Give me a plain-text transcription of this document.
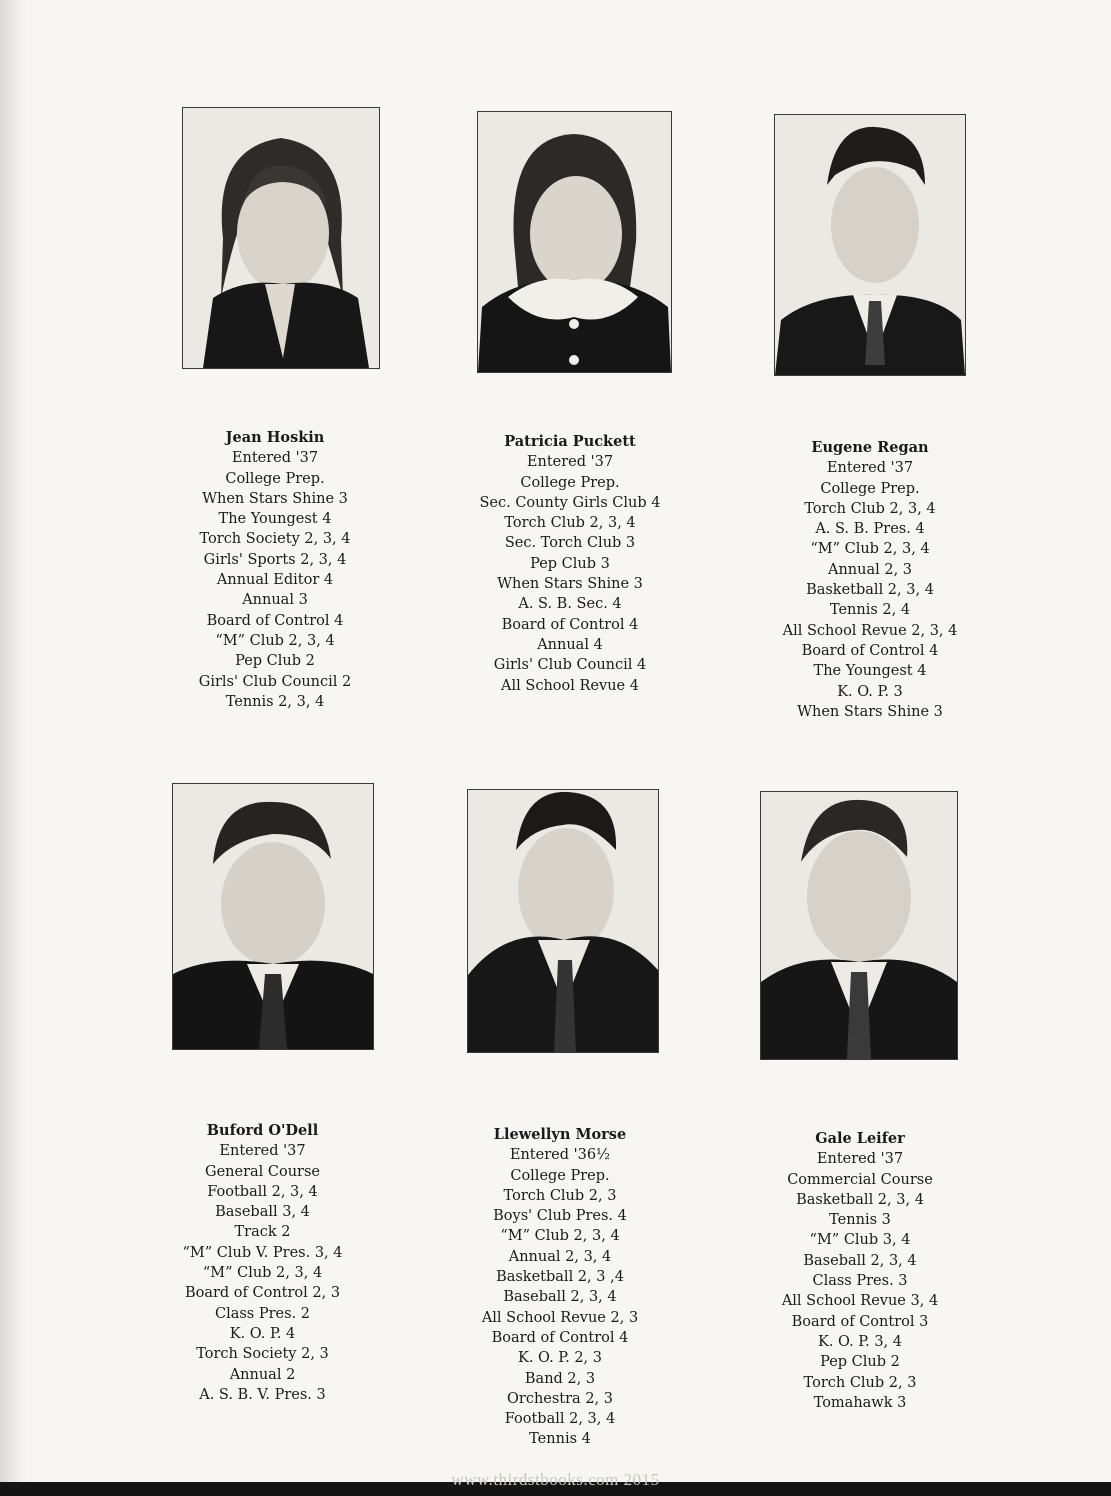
Jean Hoskin
Entered '37
College Prep.
When Stars Shine 3
The Youngest 4
Torch Society 2, 3, 4
Girls' Sports 2, 3, 4
Annual Editor 4
Annual 3
Board of Control 4
“M” Club 2, 3, 4
Pep Club 2
Girls' Club Council 2
Tennis 2, 3, 4
Patricia Puckett
Entered '37
College Prep.
Sec. County Girls Club 4
Torch Club 2, 3, 4
Sec. Torch Club 3
Pep Club 3
When Stars Shine 3
A. S. B. Sec. 4
Board of Control 4
Annual 4
Girls' Club Council 4
All School Revue 4
Eugene Regan
Entered '37
College Prep.
Torch Club 2, 3, 4
A. S. B. Pres. 4
“M” Club 2, 3, 4
Annual 2, 3
Basketball 2, 3, 4
Tennis 2, 4
All School Revue 2, 3, 4
Board of Control 4
The Youngest 4
K. O. P. 3
When Stars Shine 3
Buford O'Dell
Entered '37
General Course
Football 2, 3, 4
Baseball 3, 4
Track 2
“M” Club V. Pres. 3, 4
“M” Club 2, 3, 4
Board of Control 2, 3
Class Pres. 2
K. O. P. 4
Torch Society 2, 3
Annual 2
A. S. B. V. Pres. 3
Llewellyn Morse
Entered '36½
College Prep.
Torch Club 2, 3
Boys' Club Pres. 4
“M” Club 2, 3, 4
Annual 2, 3, 4
Basketball 2, 3 ,4
Baseball 2, 3, 4
All School Revue 2, 3
Board of Control 4
K. O. P. 2, 3
Band 2, 3
Orchestra 2, 3
Football 2, 3, 4
Tennis 4
Gale Leifer
Entered '37
Commercial Course
Basketball 2, 3, 4
Tennis 3
“M” Club 3, 4
Baseball 2, 3, 4
Class Pres. 3
All School Revue 3, 4
Board of Control 3
K. O. P. 3, 4
Pep Club 2
Torch Club 2, 3
Tomahawk 3
www.thirdstbooks.com 2015
